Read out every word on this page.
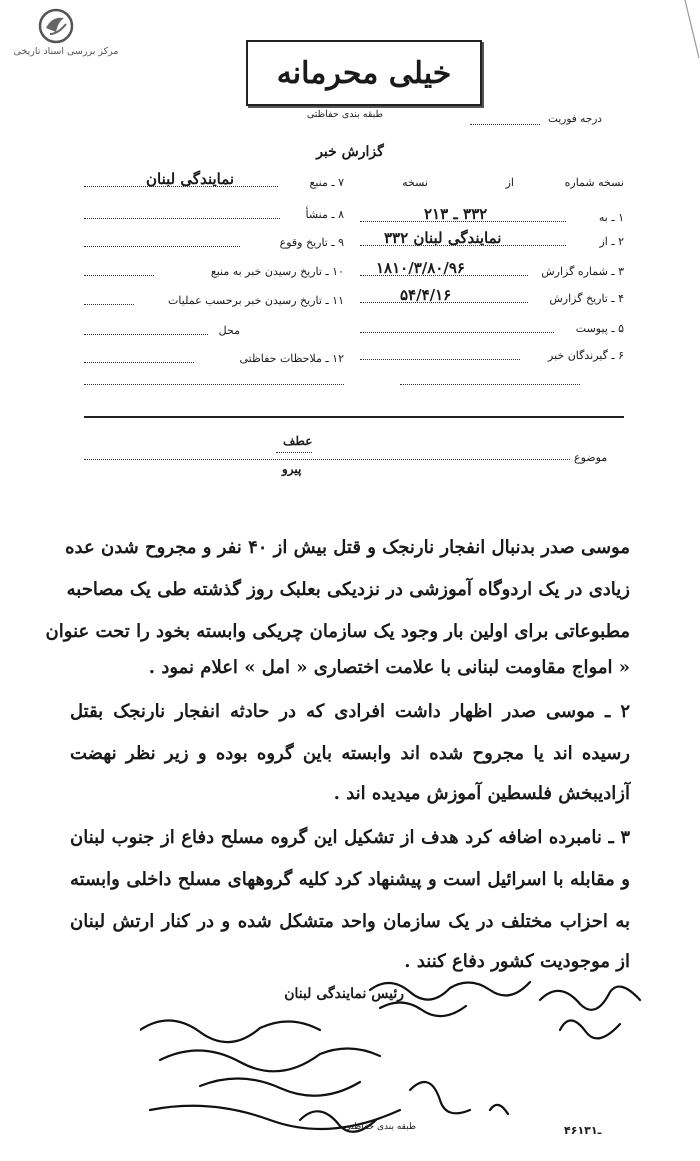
مرکز بررسی اسناد تاریخی
خیلی محرمانه
طبقه بندی حفاظتی	درجه فوریت
گزارش خبر
نسخه شماره
از
نسخه
۱ ـ به
۳۳۲ ـ ۲۱۳
۲ ـ از
نمایندگی لبنان ۳۳۲
۳ ـ شماره گزارش
۱۸۱۰/۳/۸۰/۹۶
۴ ـ تاریخ گزارش
۵۴/۴/۱۶
۵ ـ پیوست
۶ ـ گیرندگان خبر
۷ ـ منبع
نمایندگی لبنان
۸ ـ منشأ
۹ ـ تاریخ وقوع
۱۰ ـ تاریخ رسیدن خبر به منبع
۱۱ ـ تاریخ رسیدن خبر برحسب عملیات
محل
۱۲ ـ ملاحظات حفاظتی
عطف
پیرو
موضوع
موسی صدر بدنبال انفجار نارنجک و قتل بیش از ۴۰ نفر و مجروح شدن عده
زیادی در یک اردوگاه آموزشی در نزدیکی بعلبک روز گذشته طی یک مصاحبه
مطبوعاتی برای اولین بار وجود یک سازمان چریکی وابسته بخود را تحت عنوان
« امواج مقاومت لبنانی با علامت اختصاری « امل » اعلام نمود .
۲ ـ موسی صدر اظهار داشت افرادی که در حادثه انفجار نارنجک بقتل
رسیده اند یا مجروح شده اند وابسته باین گروه بوده و زیر نظر نهضت
آزادیبخش فلسطین آموزش میدیده اند .
۳ ـ نامبرده اضافه کرد هدف از تشکیل این گروه مسلح دفاع از جنوب لبنان
و مقابله با اسرائیل است و پیشنهاد کرد کلیه گروههای مسلح داخلی وابسته
به احزاب مختلف در یک سازمان واحد متشکل شده و در کنار ارتش لبنان
از موجودیت کشور دفاع کنند .
رئیس نمایندگی لبنان
طبقه بندی حفاظتی	۴۶ـ۱۳۱
